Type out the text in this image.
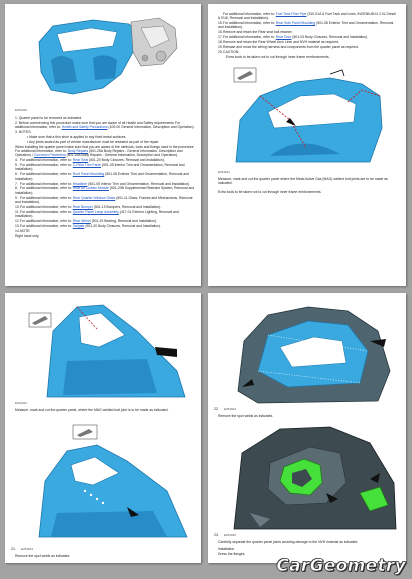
E254920

1. Quarter panel to be removed as indicated.

2. Before commencing this procedure make sure that you are aware of all Health and Safety requirements For additional information, refer to: Health and Safety Precautions (100-00 General Information, Description and Operation).

3. NOTES:

• Make sure that a thin shim is applied to any fixed metal surfaces.

• Any joints sealed as part of vehicle manufacture must be resealed as part of the repair.

When installing the quarter panel make sure that you are aware of the methods, tools and fixings used in the procedure For additional information, refer to: Body Repairs (501-25A Body Repairs - General Information, Description and Operation) / Corrosion Prevention (501-25A Body Repairs - General Information, Description and Operation).

4. For additional information, refer to: Rear Seat (501-20 Body Closures, Removal and Installation).

5. For additional information, refer to: C-Pillar Trim Panel (501-05 Interior Trim and Ornamentation, Removal and Installation).

6. For additional information, refer to: Roof Panel Moulding (501-08 Exterior Trim and Ornamentation, Removal and Installation).

7. For additional information, refer to: Headliner (501-05 Interior Trim and Ornamentation, Removal and Installation).

8. For additional information, refer to: Rear Air Curtain Module (501-20B Supplemental Restraint System, Removal and Installation).

9. For additional information, refer to: Rear Quarter Window Glass (501-11 Glass, Frames and Mechanisms, Removal and Installation).

10.For additional information, refer to: Rear Bumper (501-19 Bumpers, Removal and Installation).

11.For additional information, refer to: Quarter Panel Lamp Assembly (417-01 Exterior Lighting, Removal and Installation).

12.For additional information, refer to: Rear Wheel (501-19 Bearing, Removal and Installation).

13.For additional information, refer to: Tailgate (501-20 Body Closures, Removal and Installation).

14.NOTE:

Right hand only.

For additional information, refer to: Fuel Tank Filler Pipe (310-01A & Fuel Tank and Lines, INGENIUM I4 2.0L Diesel & EU6, Removal and Installation).

15.For additional information, refer to: Rear Side Panel Moulding (501-08 Exterior Trim and Ornamentation, Removal and Installation).

16.Remove and retain the Rear seat bolt retainer.

17.For additional information, refer to: Rear Door (501-03 Body Closures, Removal and Installation).

18.Remove and retain the Rear Wheel Arch Liner and NVH material as required.

19.Release and move the wiring harness and components from the quarter panel as required.

20.CAUTION:

Extra tools to be taken not to cut through inner frame reinforcements.

E254921

Measure, mark and cut the quarter panel where the Metal Active Gas (MAG) welded butt joints are to be made as indicated.

Extra tools to be taken not to cut through inner frame reinforcements.

E254922

Measure, mark and cut the quarter panel, where the MAG welded butt joint is to be made as indicated.

21. E254923

Remove the spot welds as indicated.

22. E254924

Remove the spot welds as indicated.

23. E254925

Carefully separate the quarter panel joints avoiding damage to the NVH material as indicated.

Installation

Dress the flanges.

CarGeometry
